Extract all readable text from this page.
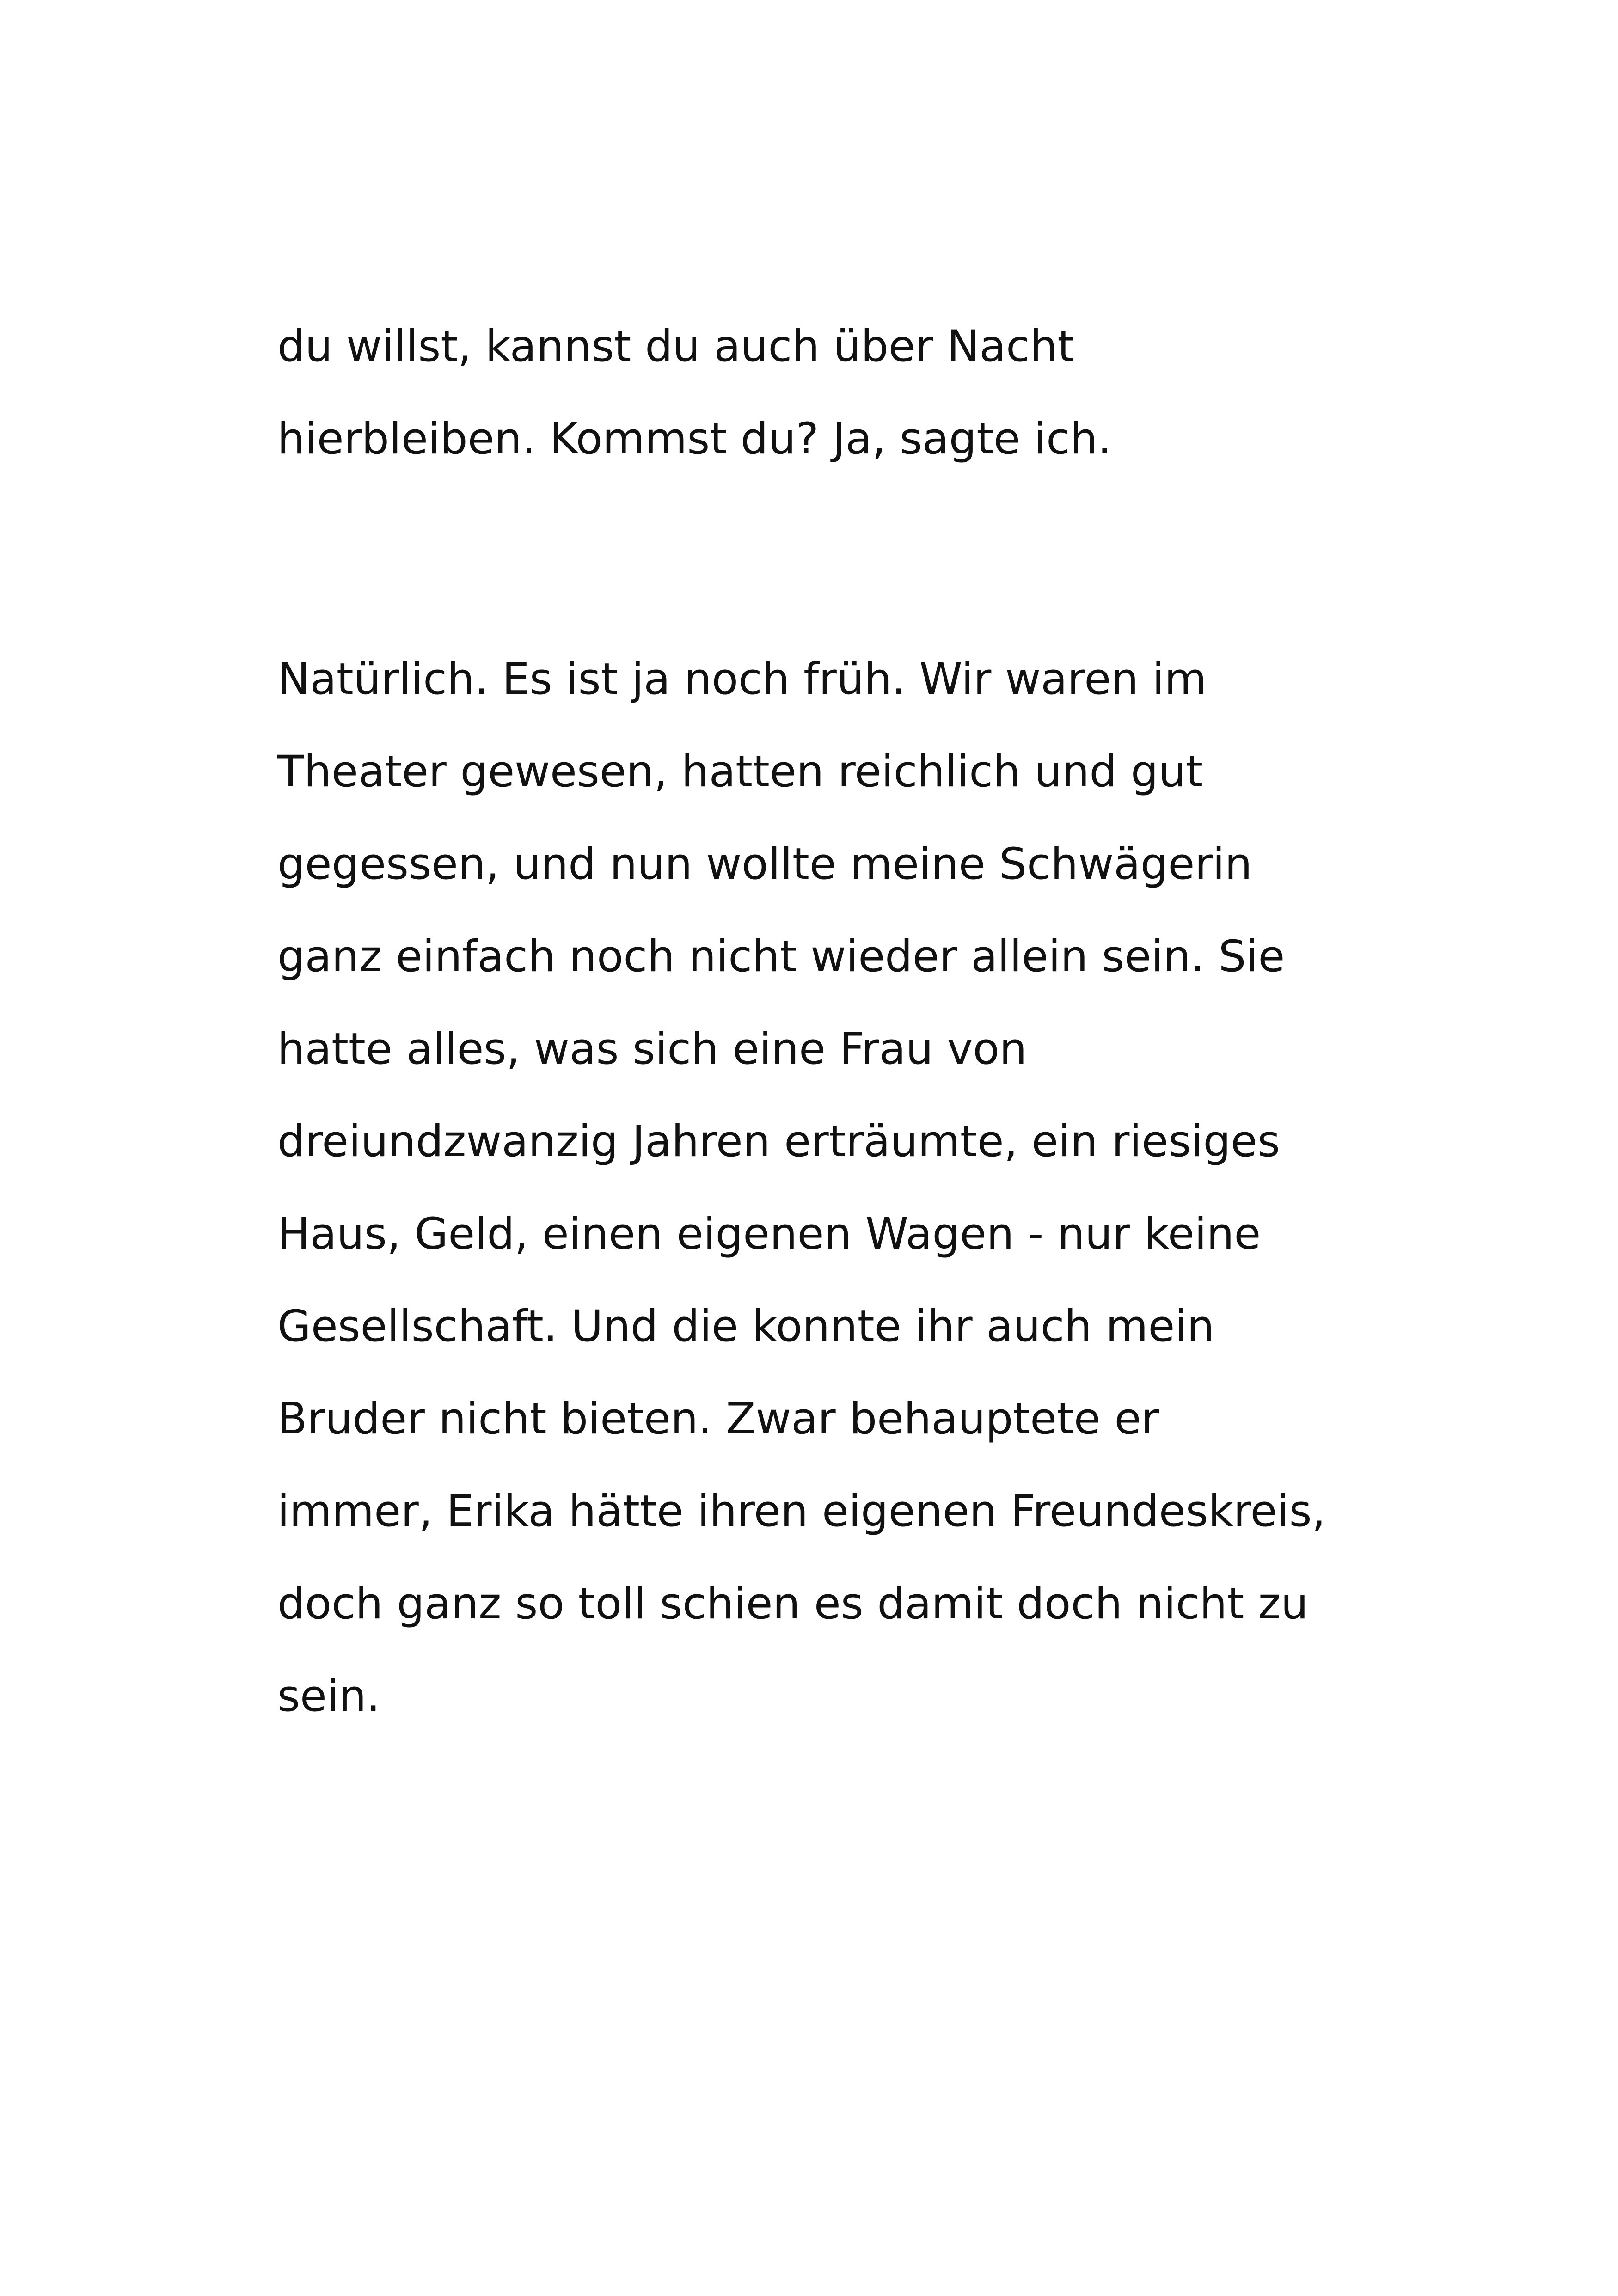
du willst, kannst du auch über Nacht
hierbleiben. Kommst du? Ja, sagte ich.
Natürlich. Es ist ja noch früh. Wir waren im
Theater gewesen, hatten reichlich und gut
gegessen, und nun wollte meine Schwägerin
ganz einfach noch nicht wieder allein sein. Sie
hatte alles, was sich eine Frau von
dreiundzwanzig Jahren erträumte, ein riesiges
Haus, Geld, einen eigenen Wagen - nur keine
Gesellschaft. Und die konnte ihr auch mein
Bruder nicht bieten. Zwar behauptete er
immer, Erika hätte ihren eigenen Freundeskreis,
doch ganz so toll schien es damit doch nicht zu
sein.
